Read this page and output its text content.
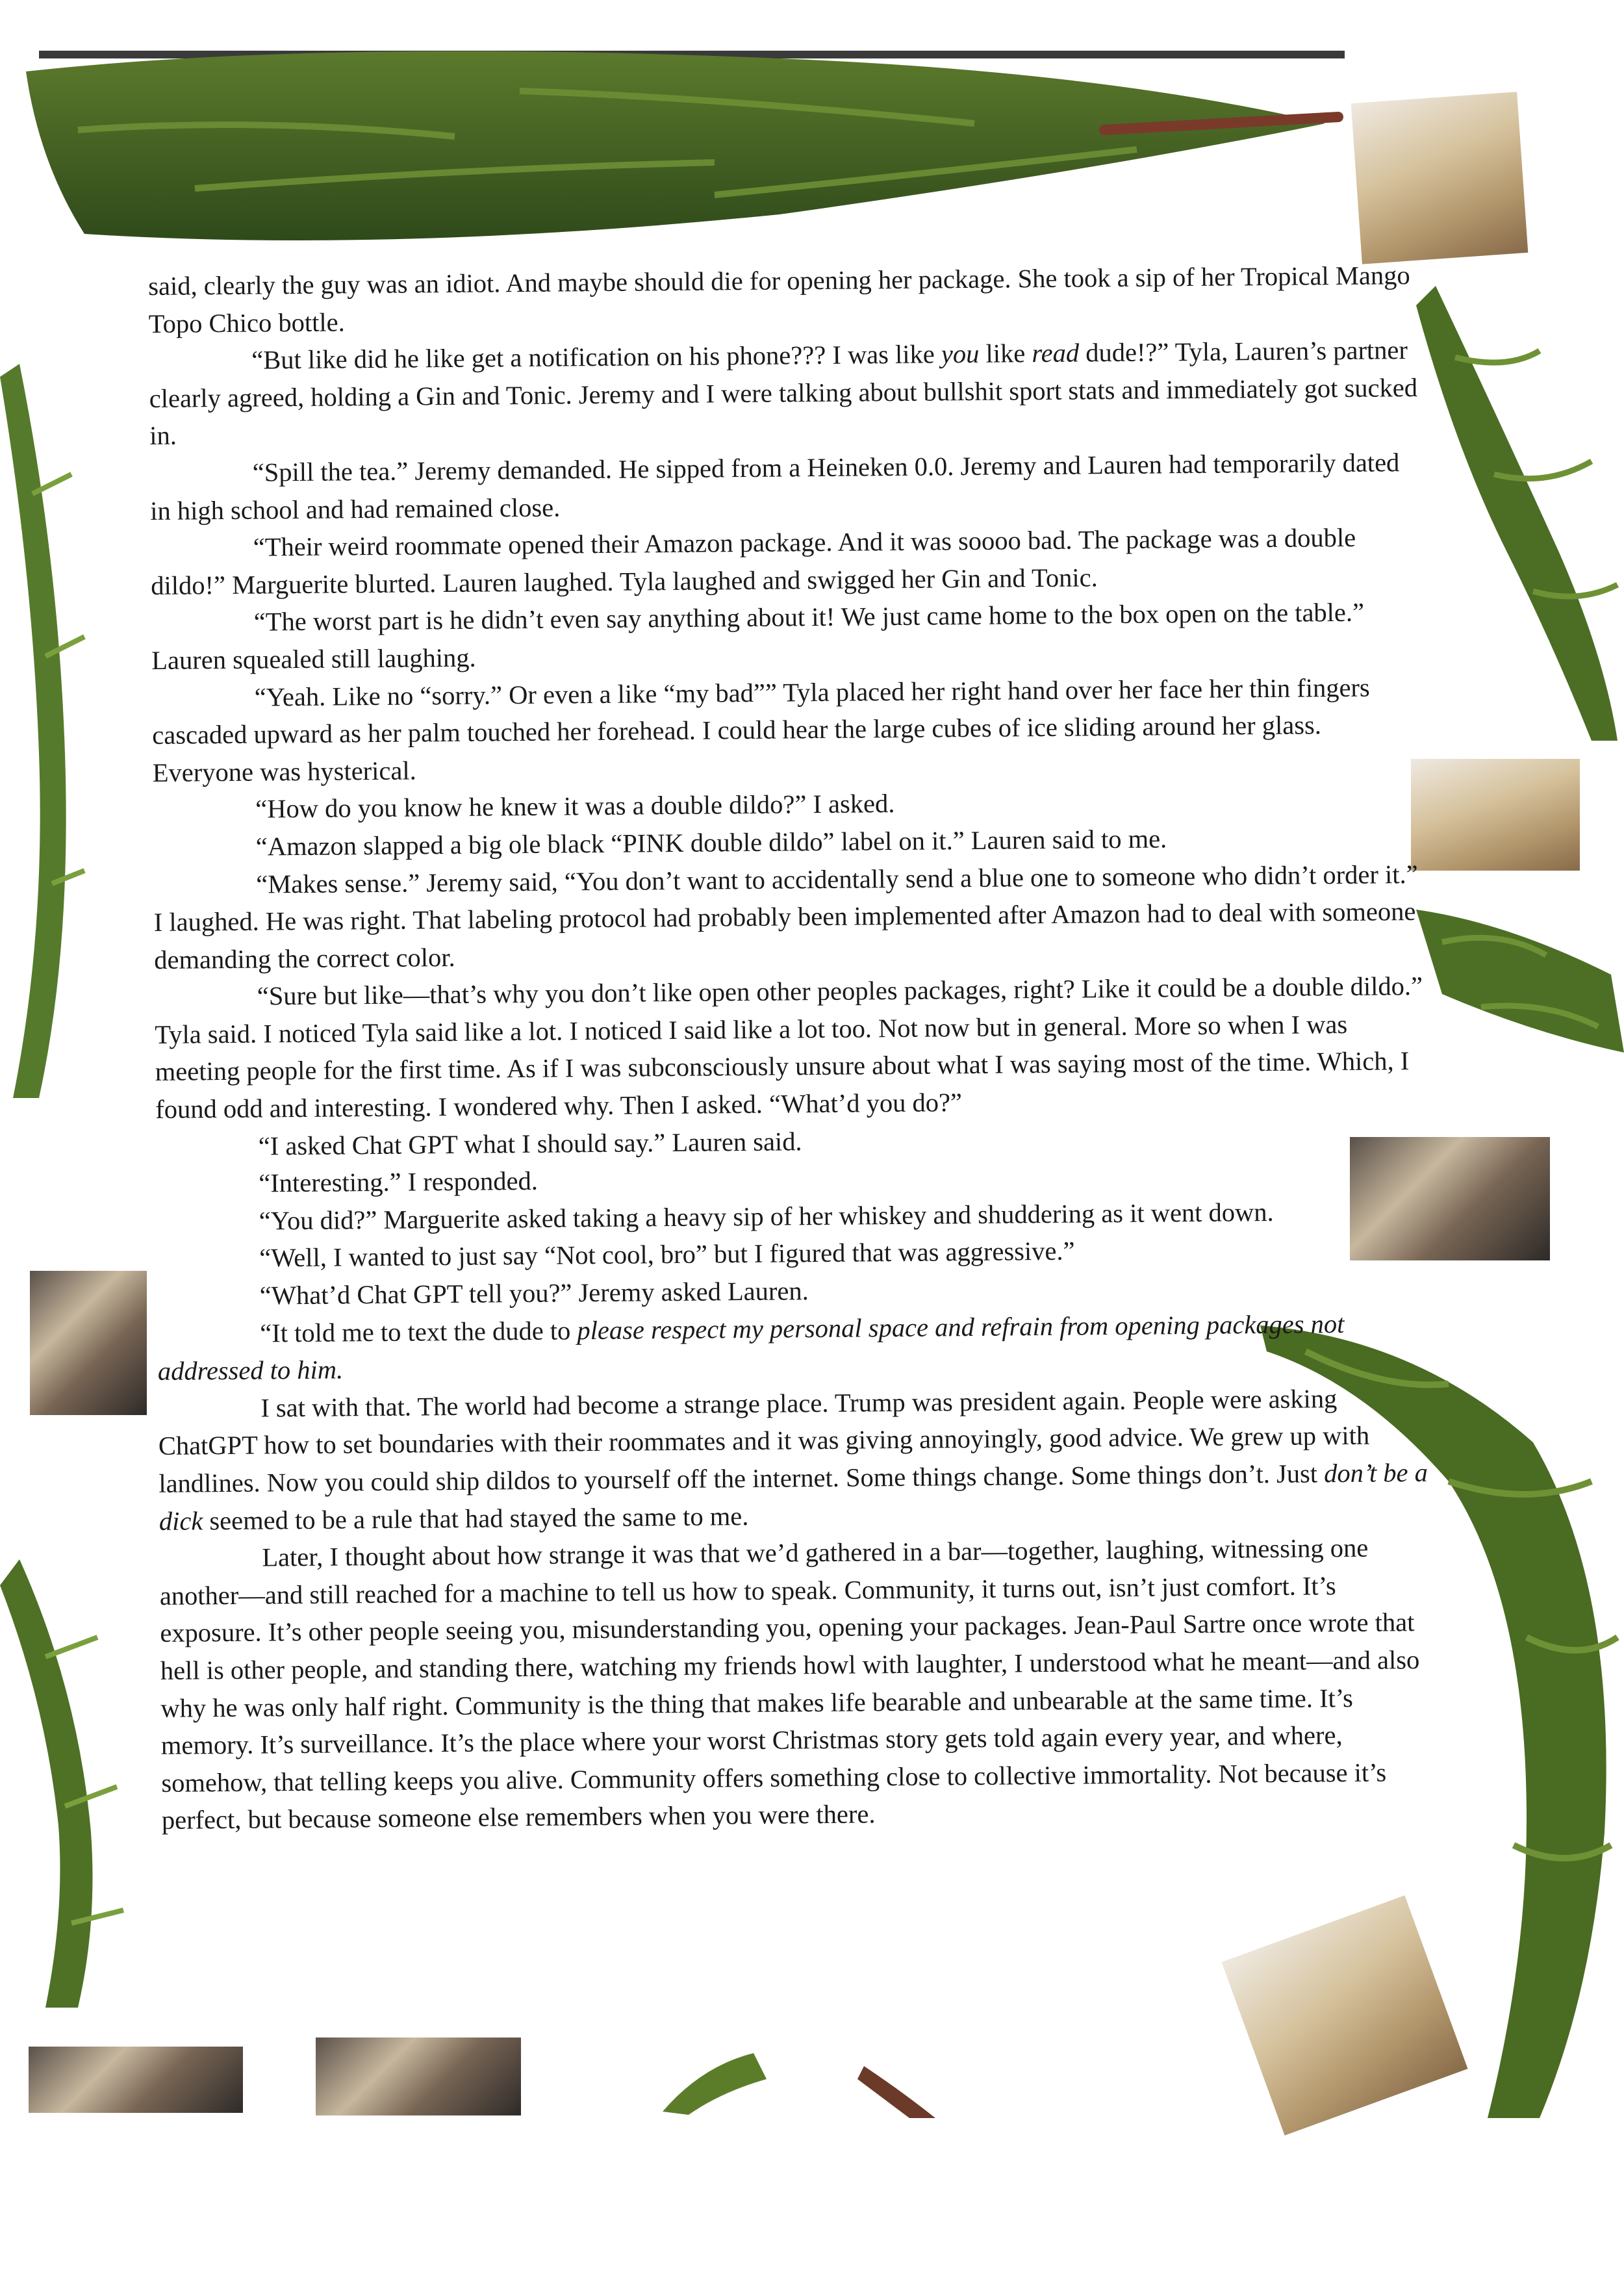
said, clearly the guy was an idiot. And maybe should die for opening her package. She took a sip of her Tropical Mango Topo Chico bottle.

“But like did he like get a notification on his phone??? I was like you like read dude!?” Tyla, Lauren’s partner clearly agreed, holding a Gin and Tonic. Jeremy and I were talking about bullshit sport stats and immediately got sucked in.

“Spill the tea.” Jeremy demanded. He sipped from a Heineken 0.0. Jeremy and Lauren had temporarily dated in high school and had remained close.

“Their weird roommate opened their Amazon package. And it was soooo bad. The package was a double dildo!” Marguerite blurted. Lauren laughed. Tyla laughed and swigged her Gin and Tonic.

“The worst part is he didn’t even say anything about it! We just came home to the box open on the table.” Lauren squealed still laughing.

“Yeah. Like no “sorry.” Or even a like “my bad”” Tyla placed her right hand over her face her thin fingers cascaded upward as her palm touched her forehead. I could hear the large cubes of ice sliding around her glass. Everyone was hysterical.

“How do you know he knew it was a double dildo?” I asked.

“Amazon slapped a big ole black “PINK double dildo” label on it.” Lauren said to me.

“Makes sense.” Jeremy said, “You don’t want to accidentally send a blue one to someone who didn’t order it.” I laughed. He was right. That labeling protocol had probably been implemented after Amazon had to deal with someone demanding the correct color.

“Sure but like—that’s why you don’t like open other peoples packages, right? Like it could be a double dildo.” Tyla said. I noticed Tyla said like a lot. I noticed I said like a lot too. Not now but in general. More so when I was meeting people for the first time. As if I was subconsciously unsure about what I was saying most of the time. Which, I found odd and interesting. I wondered why. Then I asked. “What’d you do?”

“I asked Chat GPT what I should say.” Lauren said.

“Interesting.” I responded.

“You did?” Marguerite asked taking a heavy sip of her whiskey and shuddering as it went down.

“Well, I wanted to just say “Not cool, bro” but I figured that was aggressive.”

“What’d Chat GPT tell you?” Jeremy asked Lauren.

“It told me to text the dude to please respect my personal space and refrain from opening packages not addressed to him.

I sat with that. The world had become a strange place. Trump was president again. People were asking ChatGPT how to set boundaries with their roommates and it was giving annoyingly, good advice. We grew up with landlines. Now you could ship dildos to yourself off the internet. Some things change. Some things don’t. Just don’t be a dick seemed to be a rule that had stayed the same to me.

Later, I thought about how strange it was that we’d gathered in a bar—together, laughing, witnessing one another—and still reached for a machine to tell us how to speak. Community, it turns out, isn’t just comfort. It’s exposure. It’s other people seeing you, misunderstanding you, opening your packages. Jean-Paul Sartre once wrote that hell is other people, and standing there, watching my friends howl with laughter, I understood what he meant—and also why he was only half right. Community is the thing that makes life bearable and unbearable at the same time. It’s memory. It’s surveillance. It’s the place where your worst Christmas story gets told again every year, and where, somehow, that telling keeps you alive. Community offers something close to collective immortality. Not because it’s perfect, but because someone else remembers when you were there.
